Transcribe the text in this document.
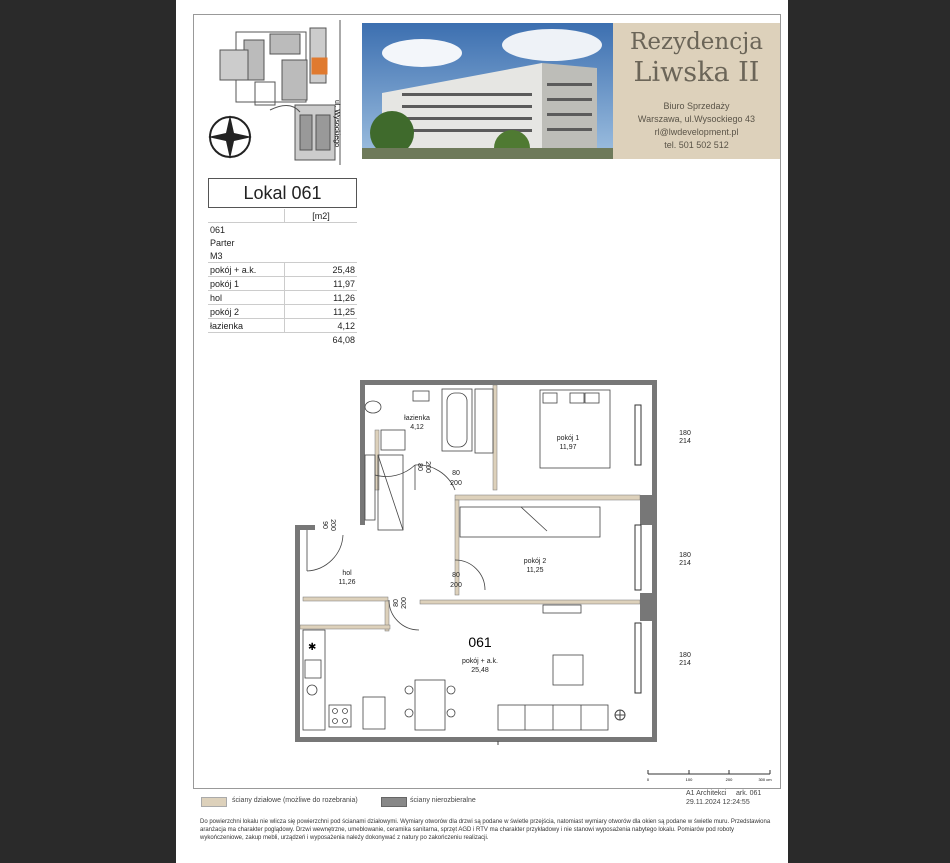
ul. Wysockiego
Rezydencja
Liwska II
Biuro Sprzedaży
Warszawa, ul.Wysockiego 43
rl@lwdevelopment.pl
tel. 501 502 512
Lokal 061
	[m2]
061	
Parter	
M3	
pokój + a.k.	25,48
pokój 1	11,97
hol	11,26
pokój 2	11,25
łazienka	4,12
	64,08
łazienka
4,12
pokój 1
11,97
pokój 2
11,25
hol
11,26
pokój + a.k.
25,48
80
200
80
200
180
214
180
214
180
214
80 200
90 200
80 200
061
✱
0	100	200	300 cm
A1 Architekci ark. 061
29.11.2024 12:24:55
ściany działowe (możliwe do rozebrania)	ściany nierozbieralne
Do powierzchni lokalu nie wlicza się powierzchni pod ścianami działowymi. Wymiary otworów dla drzwi są podane w świetle przejścia, natomiast wymiary otworów dla okien są podane w świetle muru. Przedstawiona aranżacja ma charakter poglądowy. Drzwi wewnętrzne, umeblowanie, ceramika sanitarna, sprzęt AGD i RTV ma charakter przykładowy i nie stanowi wyposażenia nabytego lokalu. Pomiarów pod roboty wykończeniowe, zakup mebli, urządzeń i wyposażenia należy dokonywać z natury po zakończeniu realizacji.
